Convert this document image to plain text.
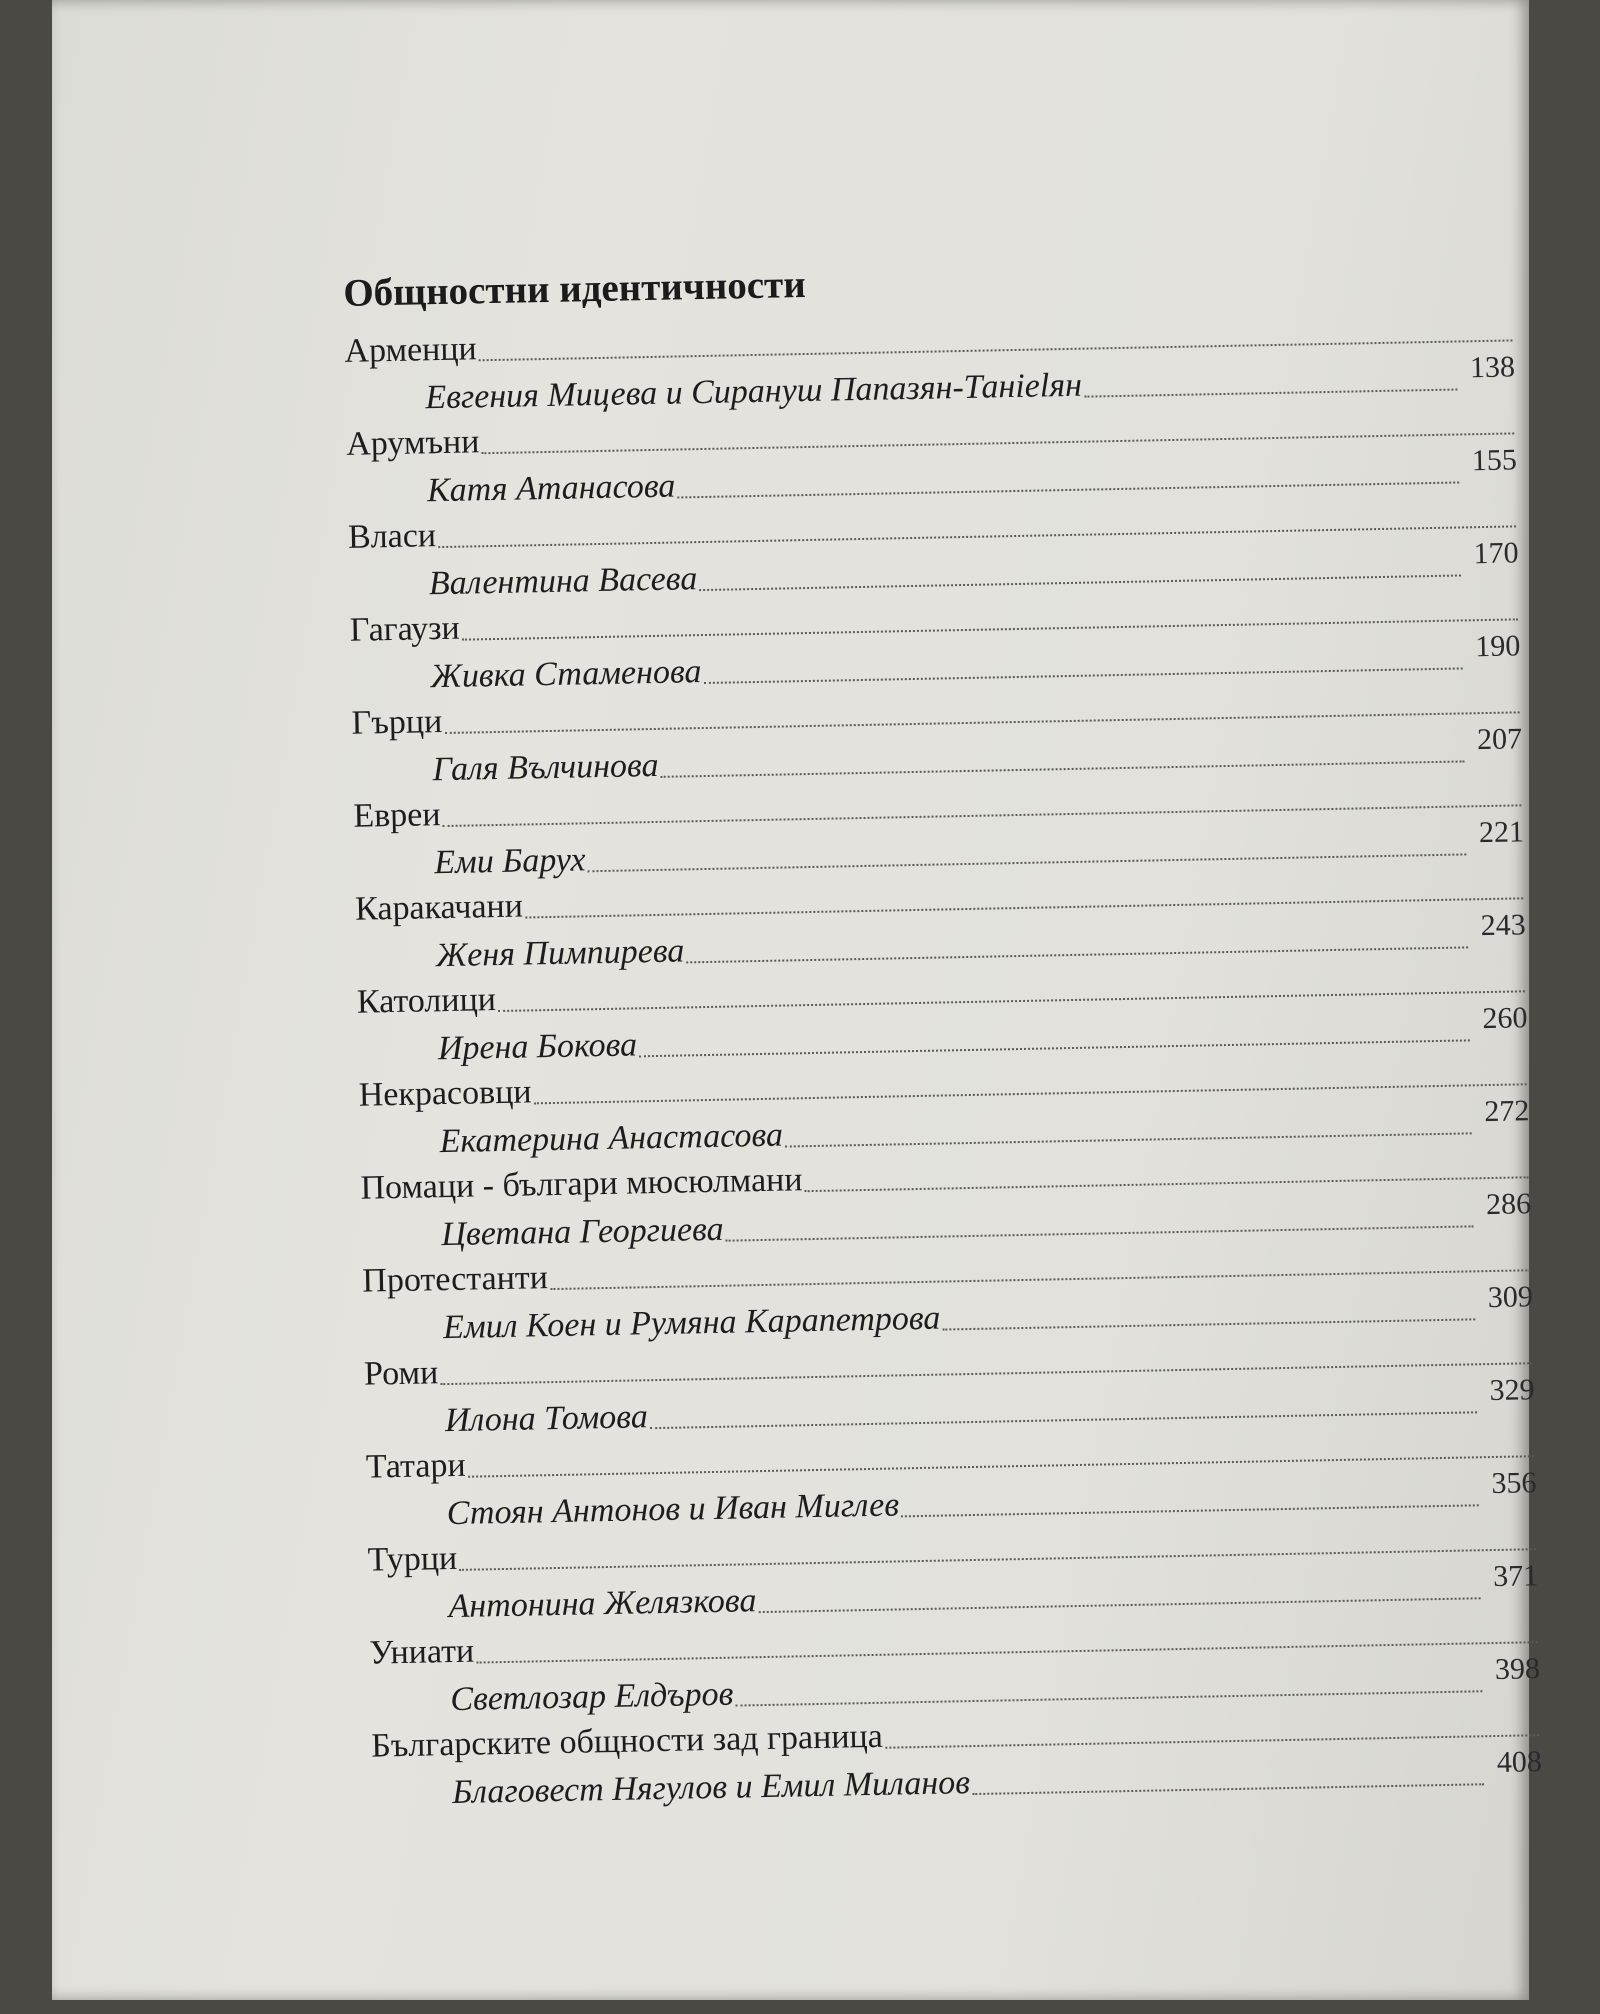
Общностни идентичности
Арменци
Евгения Мицева и Сирануш Папазян-Танielян	138
Арумъни
Катя Атанасова
155
Власи
Валентина Васева
170
Гагаузи
Живка Стаменова
190
Гърци
Галя Вълчинова
207
Евреи
Еми Барух
221
Каракачани
Женя Пимпирева
243
Католици
Ирена Бокова
260
Некрасовци
Екатерина Анастасова
272
Помаци - българи мюсюлмани
Цветана Георгиева
286
Протестанти
Емил Коен и Румяна Карапетрова
309
Роми
Илона Томова
329
Татари
Стоян Антонов и Иван Миглев
356
Турци
Антонина Желязкова
371
Униати
Светлозар Елдъров
398
Българските общности зад граница
Благовест Нягулов и Емил Миланов
408
